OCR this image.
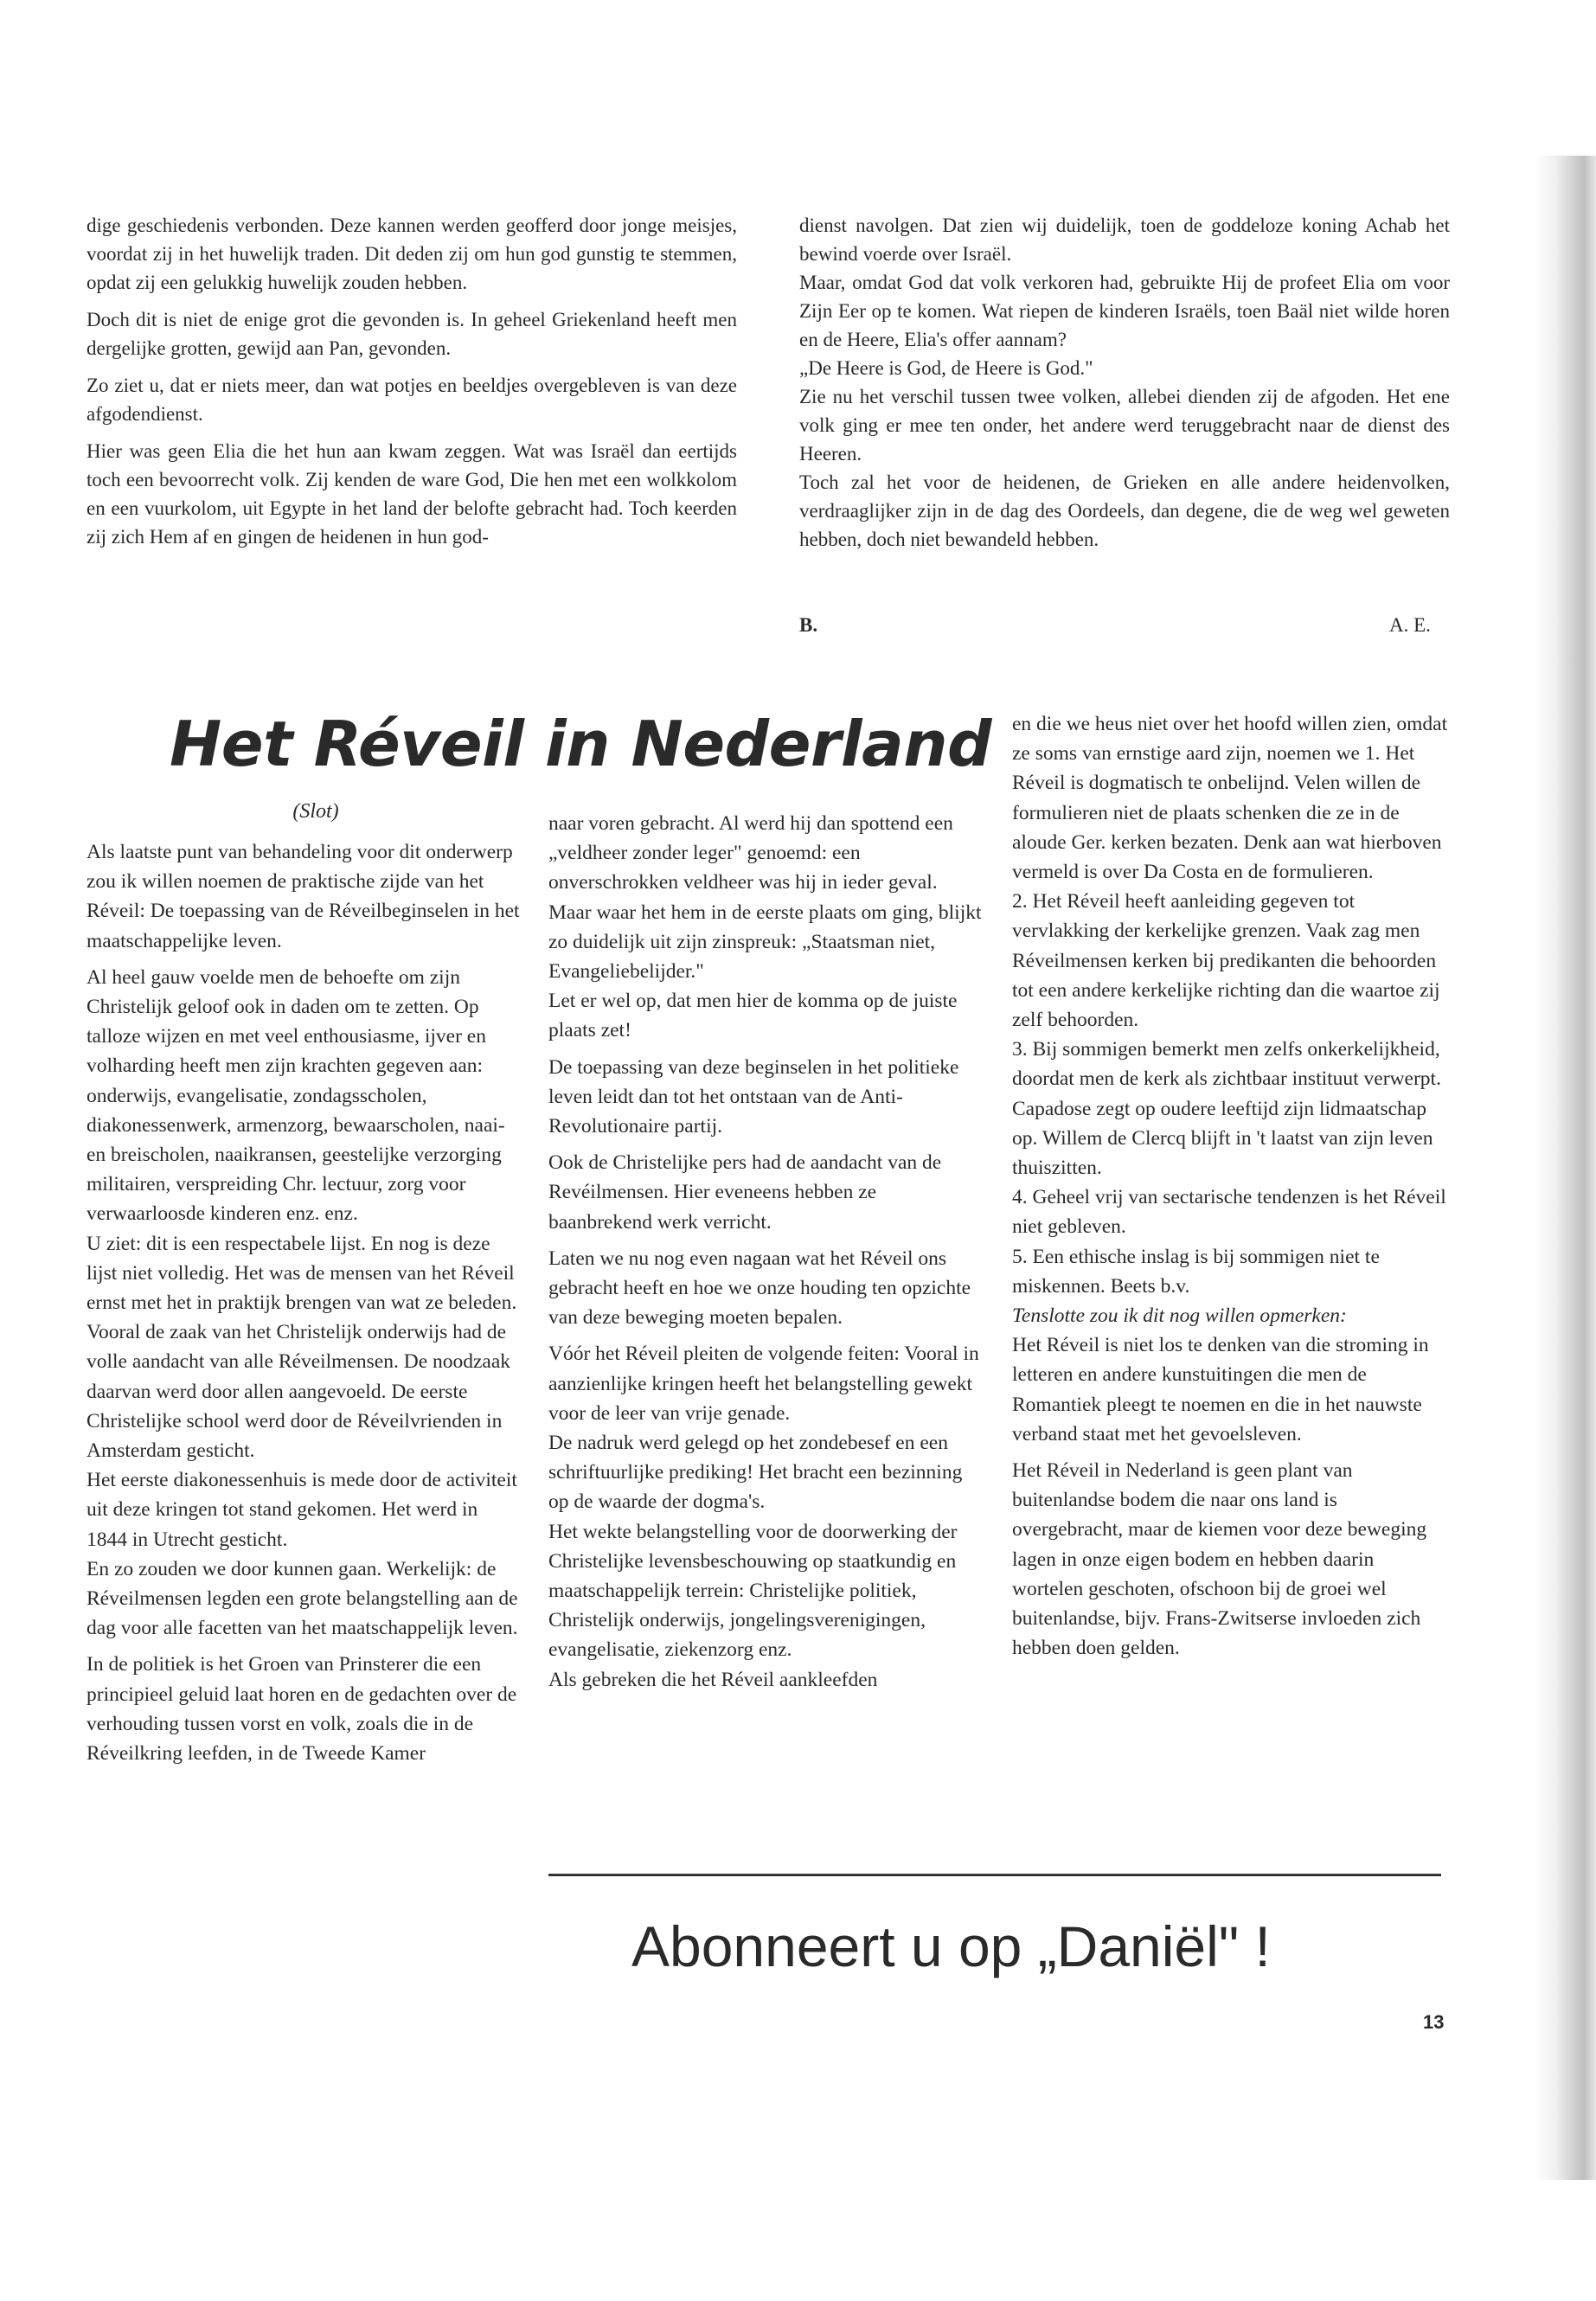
dige geschiedenis verbonden. Deze kannen werden geofferd door jonge meisjes, voordat zij in het huwelijk traden. Dit deden zij om hun god gunstig te stemmen, opdat zij een gelukkig huwelijk zouden hebben.

Doch dit is niet de enige grot die gevonden is. In geheel Griekenland heeft men dergelijke grotten, gewijd aan Pan, gevonden.

Zo ziet u, dat er niets meer, dan wat potjes en beeldjes overgebleven is van deze afgodendienst.

Hier was geen Elia die het hun aan kwam zeggen. Wat was Israël dan eertijds toch een bevoorrecht volk. Zij kenden de ware God, Die hen met een wolkkolom en een vuurkolom, uit Egypte in het land der belofte gebracht had. Toch keerden zij zich Hem af en gingen de heidenen in hun god-

dienst navolgen. Dat zien wij duidelijk, toen de goddeloze koning Achab het bewind voerde over Israël.

Maar, omdat God dat volk verkoren had, gebruikte Hij de profeet Elia om voor Zijn Eer op te komen. Wat riepen de kinderen Israëls, toen Baäl niet wilde horen en de Heere, Elia's offer aannam?

„De Heere is God, de Heere is God."

Zie nu het verschil tussen twee volken, allebei dienden zij de afgoden. Het ene volk ging er mee ten onder, het andere werd teruggebracht naar de dienst des Heeren.

Toch zal het voor de heidenen, de Grieken en alle andere heidenvolken, verdraaglijker zijn in de dag des Oordeels, dan degene, die de weg wel geweten hebben, doch niet bewandeld hebben.

B.	A. E.
Het Réveil in Nederland
(Slot)

Als laatste punt van behandeling voor dit onderwerp zou ik willen noemen de praktische zijde van het Réveil: De toepassing van de Réveilbeginselen in het maatschappelijke leven.

Al heel gauw voelde men de behoefte om zijn Christelijk geloof ook in daden om te zetten. Op talloze wijzen en met veel enthousiasme, ijver en volharding heeft men zijn krachten gegeven aan: onderwijs, evangelisatie, zondagsscholen, diakonessenwerk, armenzorg, bewaarscholen, naai- en breischolen, naaikransen, geestelijke verzorging militairen, verspreiding Chr. lectuur, zorg voor verwaarloosde kinderen enz. enz.

U ziet: dit is een respectabele lijst. En nog is deze lijst niet volledig. Het was de mensen van het Réveil ernst met het in praktijk brengen van wat ze beleden. Vooral de zaak van het Christelijk onderwijs had de volle aandacht van alle Réveilmensen. De noodzaak daarvan werd door allen aangevoeld. De eerste Christelijke school werd door de Réveilvrienden in Amsterdam gesticht.

Het eerste diakonessenhuis is mede door de activiteit uit deze kringen tot stand gekomen. Het werd in 1844 in Utrecht gesticht.

En zo zouden we door kunnen gaan. Werkelijk: de Réveilmensen legden een grote belangstelling aan de dag voor alle facetten van het maatschappelijk leven.

In de politiek is het Groen van Prinsterer die een principieel geluid laat horen en de gedachten over de verhouding tussen vorst en volk, zoals die in de Réveilkring leefden, in de Tweede Kamer

naar voren gebracht. Al werd hij dan spottend een „veldheer zonder leger" genoemd: een onverschrokken veldheer was hij in ieder geval. Maar waar het hem in de eerste plaats om ging, blijkt zo duidelijk uit zijn zinspreuk: „Staatsman niet, Evangeliebelijder."

Let er wel op, dat men hier de komma op de juiste plaats zet!

De toepassing van deze beginselen in het politieke leven leidt dan tot het ontstaan van de Anti-Revolutionaire partij.

Ook de Christelijke pers had de aandacht van de Revéilmensen. Hier eveneens hebben ze baanbrekend werk verricht.

Laten we nu nog even nagaan wat het Réveil ons gebracht heeft en hoe we onze houding ten opzichte van deze beweging moeten bepalen.

Vóór het Réveil pleiten de volgende feiten: Vooral in aanzienlijke kringen heeft het belangstelling gewekt voor de leer van vrije genade.

De nadruk werd gelegd op het zondebesef en een schriftuurlijke prediking! Het bracht een bezinning op de waarde der dogma's.

Het wekte belangstelling voor de doorwerking der Christelijke levensbeschouwing op staatkundig en maatschappelijk terrein: Christelijke politiek, Christelijk onderwijs, jongelingsverenigingen, evangelisatie, ziekenzorg enz.

Als gebreken die het Réveil aankleefden

en die we heus niet over het hoofd willen zien, omdat ze soms van ernstige aard zijn, noemen we 1. Het Réveil is dogmatisch te onbelijnd. Velen willen de formulieren niet de plaats schenken die ze in de aloude Ger. kerken bezaten. Denk aan wat hierboven vermeld is over Da Costa en de formulieren.

2. Het Réveil heeft aanleiding gegeven tot vervlakking der kerkelijke grenzen. Vaak zag men Réveilmensen kerken bij predikanten die behoorden tot een andere kerkelijke richting dan die waartoe zij zelf behoorden.

3. Bij sommigen bemerkt men zelfs onkerkelijkheid, doordat men de kerk als zichtbaar instituut verwerpt. Capadose zegt op oudere leeftijd zijn lidmaatschap op. Willem de Clercq blijft in 't laatst van zijn leven thuiszitten.

4. Geheel vrij van sectarische tendenzen is het Réveil niet gebleven.

5. Een ethische inslag is bij sommigen niet te miskennen. Beets b.v.

Tenslotte zou ik dit nog willen opmerken:

Het Réveil is niet los te denken van die stroming in letteren en andere kunstuitingen die men de Romantiek pleegt te noemen en die in het nauwste verband staat met het gevoelsleven.

Het Réveil in Nederland is geen plant van buitenlandse bodem die naar ons land is overgebracht, maar de kiemen voor deze beweging lagen in onze eigen bodem en hebben daarin wortelen geschoten, ofschoon bij de groei wel buitenlandse, bijv. Frans-Zwitserse invloeden zich hebben doen gelden.

Abonneert u op „Daniël" !
13
